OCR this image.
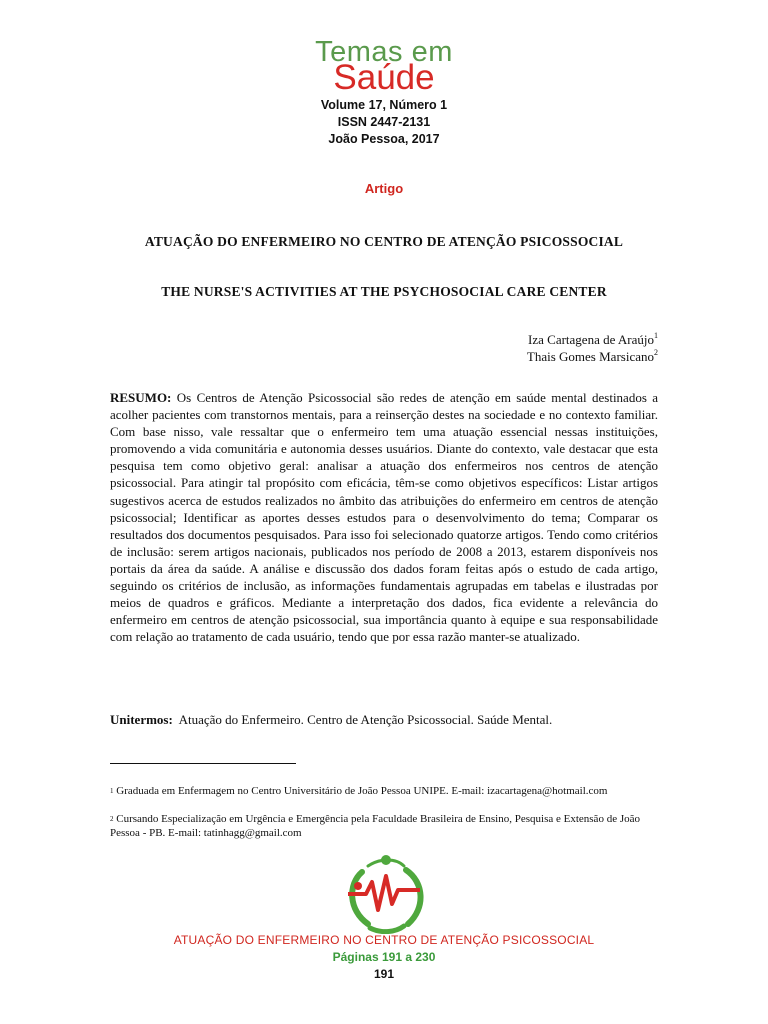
Temas em
Saúde
Volume 17, Número 1
ISSN 2447-2131
João Pessoa, 2017
Artigo
ATUAÇÃO DO ENFERMEIRO NO CENTRO DE ATENÇÃO PSICOSSOCIAL
THE NURSE'S ACTIVITIES AT THE PSYCHOSOCIAL CARE CENTER
Iza Cartagena de Araújo$^1$
Thais Gomes Marsicano$^2$
RESUMO: Os Centros de Atenção Psicossocial são redes de atenção em saúde mental destinados a acolher pacientes com transtornos mentais, para a reinserção destes na sociedade e no contexto familiar. Com base nisso, vale ressaltar que o enfermeiro tem uma atuação essencial nessas instituições, promovendo a vida comunitária e autonomia desses usuários. Diante do contexto, vale destacar que esta pesquisa tem como objetivo geral: analisar a atuação dos enfermeiros nos centros de atenção psicossocial. Para atingir tal propósito com eficácia, têm-se como objetivos específicos: Listar artigos sugestivos acerca de estudos realizados no âmbito das atribuições do enfermeiro em centros de atenção psicossocial; Identificar as aportes desses estudos para o desenvolvimento do tema; Comparar os resultados dos documentos pesquisados. Para isso foi selecionado quatorze artigos. Tendo como critérios de inclusão: serem artigos nacionais, publicados nos período de 2008 a 2013, estarem disponíveis nos portais da área da saúde. A análise e discussão dos dados foram feitas após o estudo de cada artigo, seguindo os critérios de inclusão, as informações fundamentais agrupadas em tabelas e ilustradas por meios de quadros e gráficos. Mediante a interpretação dos dados, fica evidente a relevância do enfermeiro em centros de atenção psicossocial, sua importância quanto à equipe e sua responsabilidade com relação ao tratamento de cada usuário, tendo que por essa razão manter-se atualizado.
Unitermos: Atuação do Enfermeiro. Centro de Atenção Psicossocial. Saúde Mental.
$^1$ Graduada em Enfermagem no Centro Universitário de João Pessoa UNIPE. E-mail: izacartagena@hotmail.com
$^2$ Cursando Especialização em Urgência e Emergência pela Faculdade Brasileira de Ensino, Pesquisa e Extensão de João Pessoa - PB. E-mail: tatinhagg@gmail.com
ATUAÇÃO DO ENFERMEIRO NO CENTRO DE ATENÇÃO PSICOSSOCIAL
Páginas 191 a 230
191
